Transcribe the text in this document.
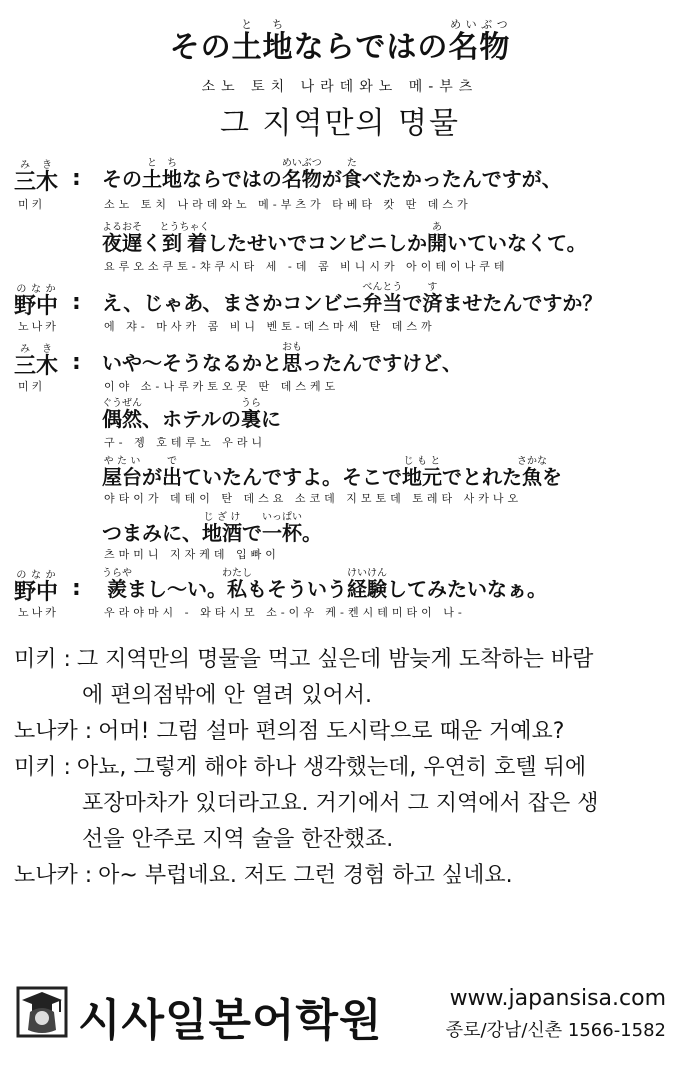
その土地とちならではの名物めいぶつ
소노 토치 나라데와노 메-부츠
그 지역만의 명물
三木みき
:
미키
その土地とちならではの名物めいぶつが食たべたかったんですが、
소노 토치 나라데와노 메-부츠가 타베타 캇 딴 데스가
夜遅よるおそく到着とうちゃくしたせいでコンビニしか開あいていなくて。
요루오소쿠토-챠쿠시타 세 -데 콤 비니시카 아이테이나쿠테
野中のなか
:
노나카
え、じゃあ、まさかコンビニ弁当べんとうで済すませたんですか？
에 쟈- 마사카 콤 비니 벤토-데스마세 탄 데스까
三木みき
:
미키
いや～そうなるかと思おもったんですけど、
이야 소-나루카토오못 딴 데스케도
偶然ぐうぜん、ホテルの裏うらに
구- 젱 호테루노 우라니
屋台やたいが出でていたんですよ。そこで地元じもとでとれた魚さかなを
야타이가 데테이 탄 데스요 소코데 지모토데 토레타 사카나오
つまみに、地酒じざけで一杯いっぱい。
츠마미니 지자케데 입빠이
野中のなか
:
노나카
羨うらやまし～い。私わたしもそういう経験けいけんしてみたいなぁ。
우라야마시 - 와타시모 소-이우 케-켄시테미타이 나-
미키 : 그 지역만의 명물을 먹고 싶은데 밤늦게 도착하는 바람
에 편의점밖에 안 열려 있어서.
노나카 : 어머! 그럼 설마 편의점 도시락으로 때운 거예요?
미키 : 아뇨, 그렇게 해야 하나 생각했는데, 우연히 호텔 뒤에
포장마차가 있더라고요. 거기에서 그 지역에서 잡은 생
선을 안주로 지역 술을 한잔했죠.
노나카 : 아~ 부럽네요. 저도 그런 경험 하고 싶네요.
시사일본어학원	www.japansisa.com
종로/강남/신촌 1566-1582
